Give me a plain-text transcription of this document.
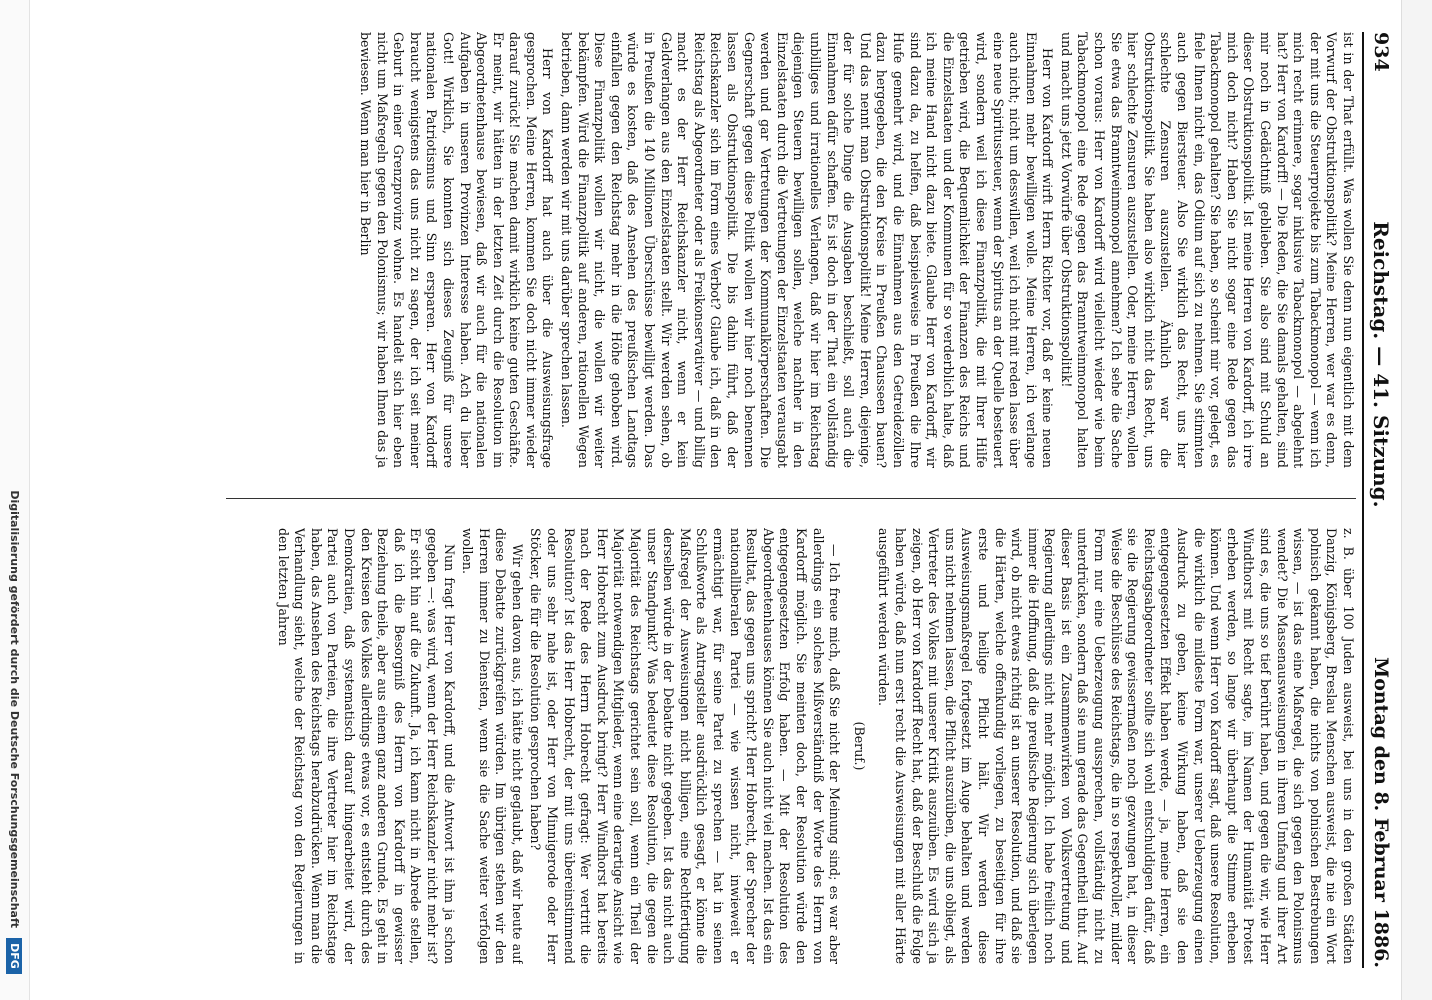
934
Reichstag. — 41. Sitzung.
Montag den 8. Februar 1886.

ist in der That erfüllt. Was wollen Sie denn nun eigentlich mit dem Vorwurf der Obstruktionspolitik? Meine Herren, wer war es denn, der mit uns die Steuerprojekte bis zum Tabackmonopol — wenn ich mich recht erinnere, sogar inklusive Tabackmonopol — abgelehnt hat? Herr von Kardorff! — Die Reden, die Sie damals gehalten, sind mir noch in Gedächtniß geblieben. Sie also sind mit Schuld an dieser Obstruktionspolitik. Ist meine Herren von Kardorff, ich irre mich doch nicht? Haben Sie nicht sogar eine Rede gegen das Tabackmonopol gehalten? Sie haben, so scheint mir vor, gelegt, es fiele Ihnen nicht ein, das Odium auf sich zu nehmen. Sie stimmten auch gegen Biersteuer. Also Sie wirklich das Recht, uns hier schlechte Zensuren auszustellen. Ähnlich war die Obstruktionspolitik. Sie haben also wirklich nicht das Recht, uns hier schlechte Zensuren auszustellen. Oder, meine Herren, wollen Sie etwa das Branntweinmonopol annehmen? Ich sehe die Sache schon voraus: Herr von Kardorff wird vielleicht wieder wie beim Tabackmonopol eine Rede gegen das Branntweinmonopol halten und macht uns jetzt Vorwürfe über Obstruktionspolitik!

Herr von Kardorff wirft Herrn Richter vor, daß er keine neuen Einnahmen mehr bewilligen wolle. Meine Herren, ich verlange auch nicht; nicht um desswillen, weil ich nicht mit reden lasse über eine neue Spiritussteuer, wenn der Spiritus an der Quelle besteuert wird, sondern weil ich diese Finanzpolitik, die mit Ihrer Hilfe getrieben wird, die Bequemlichkeit der Finanzen des Reichs und die Einzelstaaten und der Kommunen für so verderblich halte, daß ich meine Hand nicht dazu biete. Glaube Herr von Kardorff, wir sind dazu da, zu helfen, daß beispielsweise in Preußen die Ihre Hufe gemehrt wird, und die Einnahmen aus den Getreidezöllen dazu hergegeben, die den Kreise in Preußen Chausseen bauen? Und das nennt man Obstruktionspolitik! Meine Herren, diejenige, der für solche Dinge die Ausgaben beschließt, soll auch die Einnahmen dafür schaffen. Es ist doch in der That ein vollständig unbilliges und irrationelles Verlangen, daß wir hier im Reichstag diejenigen Steuern bewilligen sollen, welche nachher in den Einzelstaaten durch die Vertretungen der Einzelstaaten verausgabt werden und gar Vertretungen der Kommunalkörperschaften. Die Gegnerschaft gegen diese Politik wollen wir hier noch benennen lassen als Obstruktionspolitik. Die bis dahin führt, daß der Reichskanzler sich im Form eines Verbot? Glaube ich, daß in den Reichstag als Abgeordneter oder als Freikonservativer — und billig macht es der Herr Reichskanzler nicht, wenn er kein Geldverlangen aus den Einzelstaaten stellt. Wir werden sehen, ob in Preußen die 140 Millionen Überschüsse bewilligt werden. Das würde es kosten, daß des Ansehen des preußischen Landtags einfallen gegen den Reichstag mehr in die Höhe gehoben wird. Diese Finanzpolitik wollen wir nicht, die wollen wir weiter bekämpfen. Wird die Finanzpolitik auf anderen, rationellen Wegen betrieben, dann werden wir mit uns darüber sprechen lassen.

Herr von Kardorff hat auch über die Ausweisungsfrage gesprochen. Meine Herren, kommen Sie doch nicht immer wieder darauf zurück! Sie machen damit wirklich keine guten Geschäfte. Er meint, wir hätten in der letzten Zeit durch die Resolution im Abgeordnetenhause bewiesen, daß wir auch für die nationalen Aufgaben in unseren Provinzen Interesse haben. Ach du lieber Gott! Wirklich, Sie konnten sich dieses Zeugniß für unsere nationalen Patriotismus und Sinn ersparen. Herr von Kardorff braucht wenigstens das uns nicht zu sagen, der ich seit meiner Geburt in einer Grenzprovinz wohne. Es handelt sich hier eben nicht um Maßregeln gegen den Polonismus; wir haben Ihnen das ja bewiesen. Wenn man hier in Berlin

z. B. über 100 Juden ausweist, bei uns in den großen Städten Danzig, Königsberg, Breslau Menschen ausweist, die nie ein Wort polnisch gekannt haben, die nichts von polnischen Bestrebungen wissen, — ist das eine Maßregel, die sich gegen den Polonismus wendet? Die Massenausweisungen in ihrem Umfang und ihrer Art sind es, die uns so tief berührt haben, und gegen die wir, wie Herr Windthorst mit Recht sagte, im Namen der Humanität Protest erheben werden, so lange wir überhaupt die Stimme erheben können. Und wenn Herr von Kardorff sagt, daß unsere Resolution, die wirklich die mildeste Form war, unserer Ueberzeugung einen Ausdruck zu geben, keine Wirkung haben, daß sie den entgegengesetzten Effekt haben werde, — ja, meine Herren, ein Reichstagsabgeordneter sollte sich wohl entschuldigen dafür, daß sie die Regierung gewissermaßen noch gezwungen hat, in dieser Weise die Beschlüsse des Reichstags, die in so respektvoller, milder Form nur eine Ueberzeugung aussprechen, vollständig nicht zu unterdrücken, sondern daß sie nun gerade das Gegentheil thut. Auf dieser Basis ist ein Zusammenwirken von Volksvertretung und Regierung allerdings nicht mehr möglich. Ich habe freilich noch immer die Hoffnung, daß die preußische Regierung sich überlegen wird, ob nicht etwas richtig ist an unserer Resolution, und daß sie die Härten, welche offenkundig vorliegen, zu beseitigen für ihre erste und heilige Pflicht hält. Wir werden diese Ausweisungsmaßregel fortgesetzt im Auge behalten und werden uns nicht nehmen lassen, die Pflicht auszuüben, die uns obliegt, als Vertreter des Volkes mit unserer Kritik auszuüben. Es wird sich ja zeigen, ob Herr von Kardorff Recht hat, daß der Beschluß die Folge haben würde, daß nun erst recht die Ausweisungen mit aller Härte ausgeführt werden würden.

(Beruf.)

— Ich freue mich, daß Sie nicht der Meinung sind; es war aber allerdings ein solches Mißverständniß der Worte des Herrn von Kardorff möglich. Sie meinten doch, der Resolution würde den entgegengesetzten Erfolg haben. — Mit der Resolution des Abgeordnetenhauses können Sie auch nicht viel machen. Ist das ein Resultat, das gegen uns spricht? Herr Hobrecht, der Sprecher der nationalliberalen Partei — wie wissen nicht, inwieweit er ermächtigt war, für seine Partei zu sprechen — hat in seinen Schlußworte als Antragsteller ausdrücklich gesagt, er könne die Maßregel der Ausweisungen nicht billigen, eine Rechtfertigung derselben würde in der Debatte nicht gegeben. Ist das nicht auch unser Standpunkt? Was bedeutet diese Resolution, die gegen die Majorität des Reichstags gerichtet sein soll, wenn ein Theil der Majorität notwendigen Mitglieder, wenn eine derartige Ansicht wie Herr Hobrecht zum Ausdruck bringt? Herr Windhorst hat bereits nach der Rede des Herrn Hobrecht gefragt: Wer vertritt die Resolution? Ist das Herr Hobrecht, der mit uns übereinstimmend oder uns sehr nahe ist, oder Herr von Minnigerode oder Herr Stöcker, die für die Resolution gesprochen haben?

Wir gehen davon aus, ich hätte nicht geglaubt, daß wir heute auf diese Debatte zurückgreifen würden. Im übrigen stehen wir den Herren immer zu Diensten, wenn sie die Sache weiter verfolgen wollen.

Nun fragt Herr von Kardorff, und die Antwort ist ihm ja schon gegeben —: was wird, wenn der Herr Reichskanzler nicht mehr ist? Er sicht hin auf die Zukunft. Ja, ich kann nicht in Abrede stellen, daß ich die Besorgniß des Herrn von Kardorff in gewisser Beziehung theile, aber aus einem ganz anderen Grunde. Es geht in den Kreisen des Volkes allerdings etwas vor, es entsteht durch des Demokratien, daß systematisch darauf hingearbeitet wird, der Partei auch von Parteien, die ihre Vertreter hier im Reichstage haben, das Ansehen des Reichstags herabzudrücken. Wenn man die Verhandlung sieht, welche der Reichstag von den Regierungen in den letzten Jahren

Digitalisierung gefördert durch die Deutsche Forschungsgemeinschaft
DFG
